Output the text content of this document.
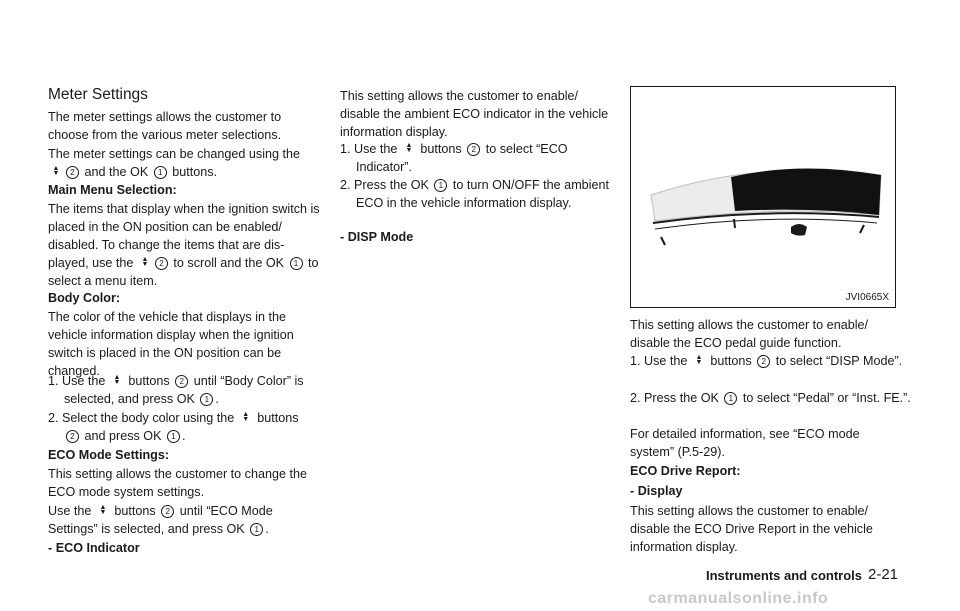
Meter Settings

The meter settings allows the customer to choose from the various meter selections.

The meter settings can be changed using the
▲
▼ 2 and the OK 1 buttons.

Main Menu Selection:

The items that display when the ignition switch is placed in the ON position can be enabled/ disabled. To change the items that are dis- played, use the ▲
▼ 2 to scroll and the OK 1 to select a menu item.

Body Color:

The color of the vehicle that displays in the vehicle information display when the ignition switch is placed in the ON position can be changed.

1. Use the ▲
▼ buttons 2 until “Body Color” is selected, and press OK 1 .

2. Select the body color using the ▲
▼ buttons
2 and press OK 1 .

ECO Mode Settings:

This setting allows the customer to change the ECO mode system settings.

Use the ▲
▼ buttons 2 until “ECO Mode Settings” is selected, and press OK 1 .

- ECO Indicator

This setting allows the customer to enable/ disable the ambient ECO indicator in the vehicle information display.

1. Use the ▲
▼ buttons 2 to select “ECO Indicator”.

2. Press the OK 1 to turn ON/OFF the ambient ECO in the vehicle information display.

- DISP Mode

JVI0665X

This setting allows the customer to enable/ disable the ECO pedal guide function.

1. Use the ▲
▼ buttons 2 to select “DISP Mode”.

2. Press the OK 1 to select “Pedal” or “Inst. FE.”.

For detailed information, see “ECO mode system” (P.5-29).

ECO Drive Report:

- Display

This setting allows the customer to enable/ disable the ECO Drive Report in the vehicle information display.

Instruments and controls 2-21
carmanualsonline.info
